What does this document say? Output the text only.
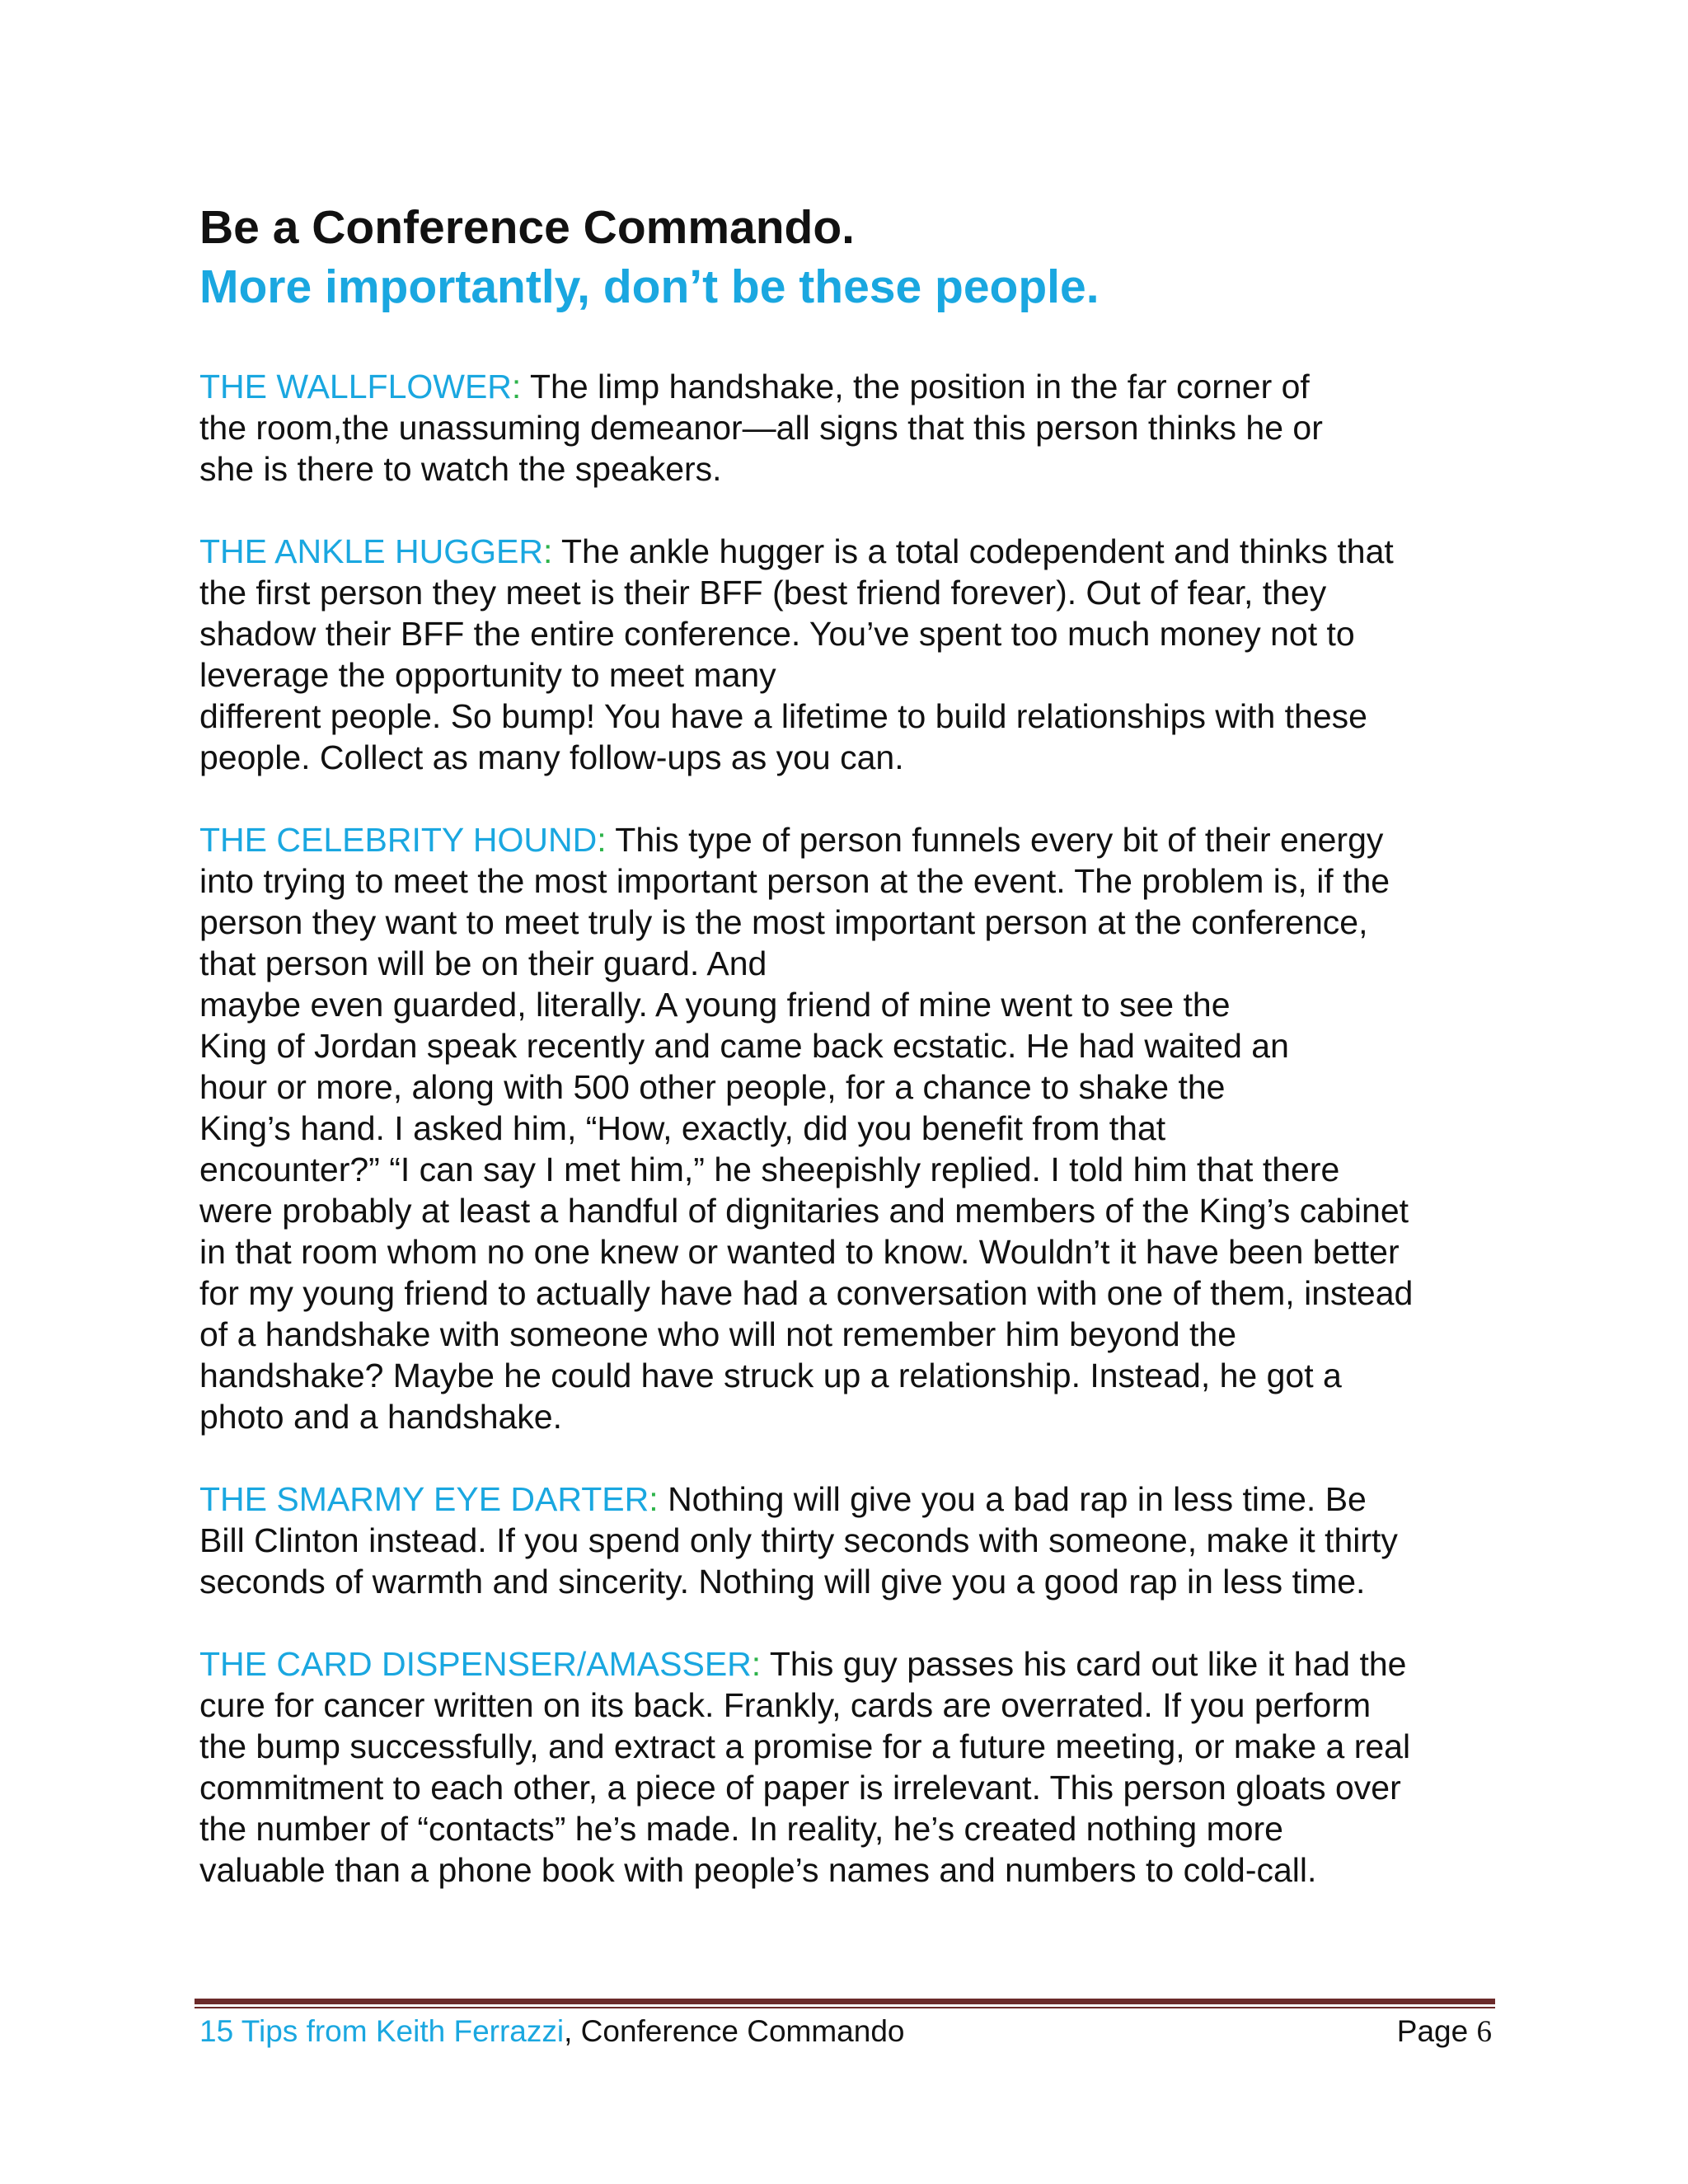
Be a Conference Commando.
More importantly, don’t be these people.

THE WALLFLOWER: The limp handshake, the position in the far corner of

the room,the unassuming demeanor—all signs that this person thinks he or

she is there to watch the speakers.

THE ANKLE HUGGER: The ankle hugger is a total codependent and thinks that

the first person they meet is their BFF (best friend forever). Out of fear, they

shadow their BFF the entire conference. You’ve spent too much money not to

leverage the opportunity to meet many

different people. So bump! You have a lifetime to build relationships with these

people. Collect as many follow-ups as you can.

THE CELEBRITY HOUND: This type of person funnels every bit of their energy

into trying to meet the most important person at the event. The problem is, if the

person they want to meet truly is the most important person at the conference,

that person will be on their guard. And

maybe even guarded, literally. A young friend of mine went to see the

King of Jordan speak recently and came back ecstatic. He had waited an

hour or more, along with 500 other people, for a chance to shake the

King’s hand. I asked him, “How, exactly, did you benefit from that

encounter?” “I can say I met him,” he sheepishly replied. I told him that there

were probably at least a handful of dignitaries and members of the King’s cabinet

in that room whom no one knew or wanted to know. Wouldn’t it have been better

for my young friend to actually have had a conversation with one of them, instead

of a handshake with someone who will not remember him beyond the

handshake? Maybe he could have struck up a relationship. Instead, he got a

photo and a handshake.

THE SMARMY EYE DARTER: Nothing will give you a bad rap in less time. Be

Bill Clinton instead. If you spend only thirty seconds with someone, make it thirty

seconds of warmth and sincerity. Nothing will give you a good rap in less time.

THE CARD DISPENSER/AMASSER: This guy passes his card out like it had the

cure for cancer written on its back. Frankly, cards are overrated. If you perform

the bump successfully, and extract a promise for a future meeting, or make a real

commitment to each other, a piece of paper is irrelevant. This person gloats over

the number of “contacts” he’s made. In reality, he’s created nothing more

valuable than a phone book with people’s names and numbers to cold-call.

15 Tips from Keith Ferrazzi, Conference Commando	Page 6
